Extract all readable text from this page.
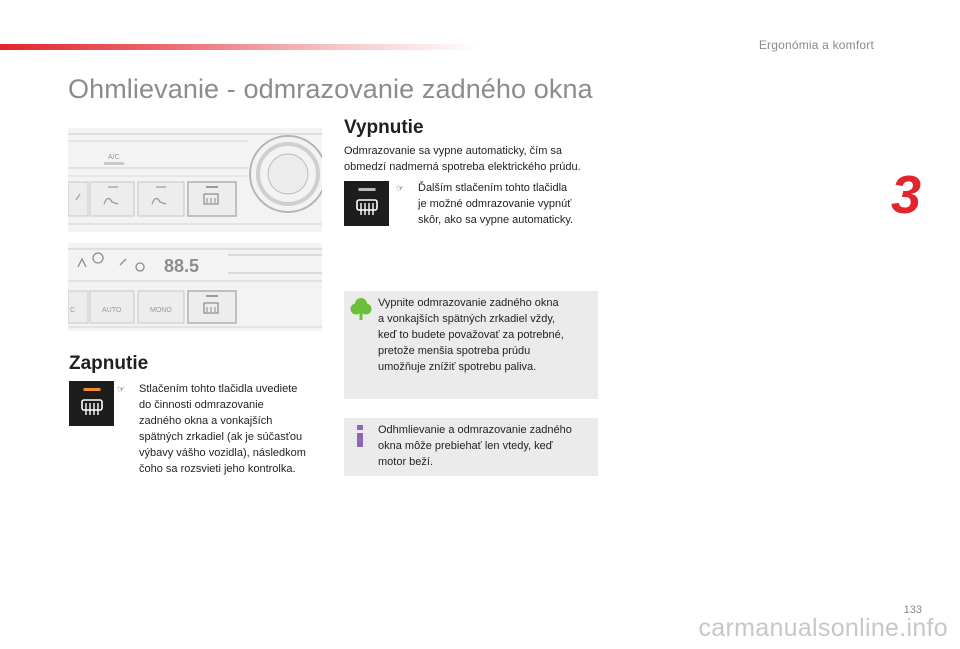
Ergonómia a komfort
3
Ohmlievanie - odmrazovanie zadného okna
A/C
88.5
C	AUTO	MONO
Zapnutie
☞	Stlačením tohto tlačidla uvediete
do činnosti odmrazovanie
zadného okna a vonkajších
spätných zrkadiel (ak je súčasťou
výbavy vášho vozidla), následkom
čoho sa rozsvieti jeho kontrolka.
Vypnutie
Odmrazovanie sa vypne automaticky, čím sa
obmedzí nadmerná spotreba elektrického prúdu.
☞	Ďalším stlačením tohto tlačidla
je možné odmrazovanie vypnúť
skôr, ako sa vypne automaticky.
Vypnite odmrazovanie zadného okna
a vonkajších spätných zrkadiel vždy,
keď to budete považovať za potrebné,
pretože menšia spotreba prúdu
umožňuje znížiť spotrebu paliva.
Odhmlievanie a odmrazovanie zadného
okna môže prebiehať len vtedy, keď
motor beží.
133
carmanualsonline.info
